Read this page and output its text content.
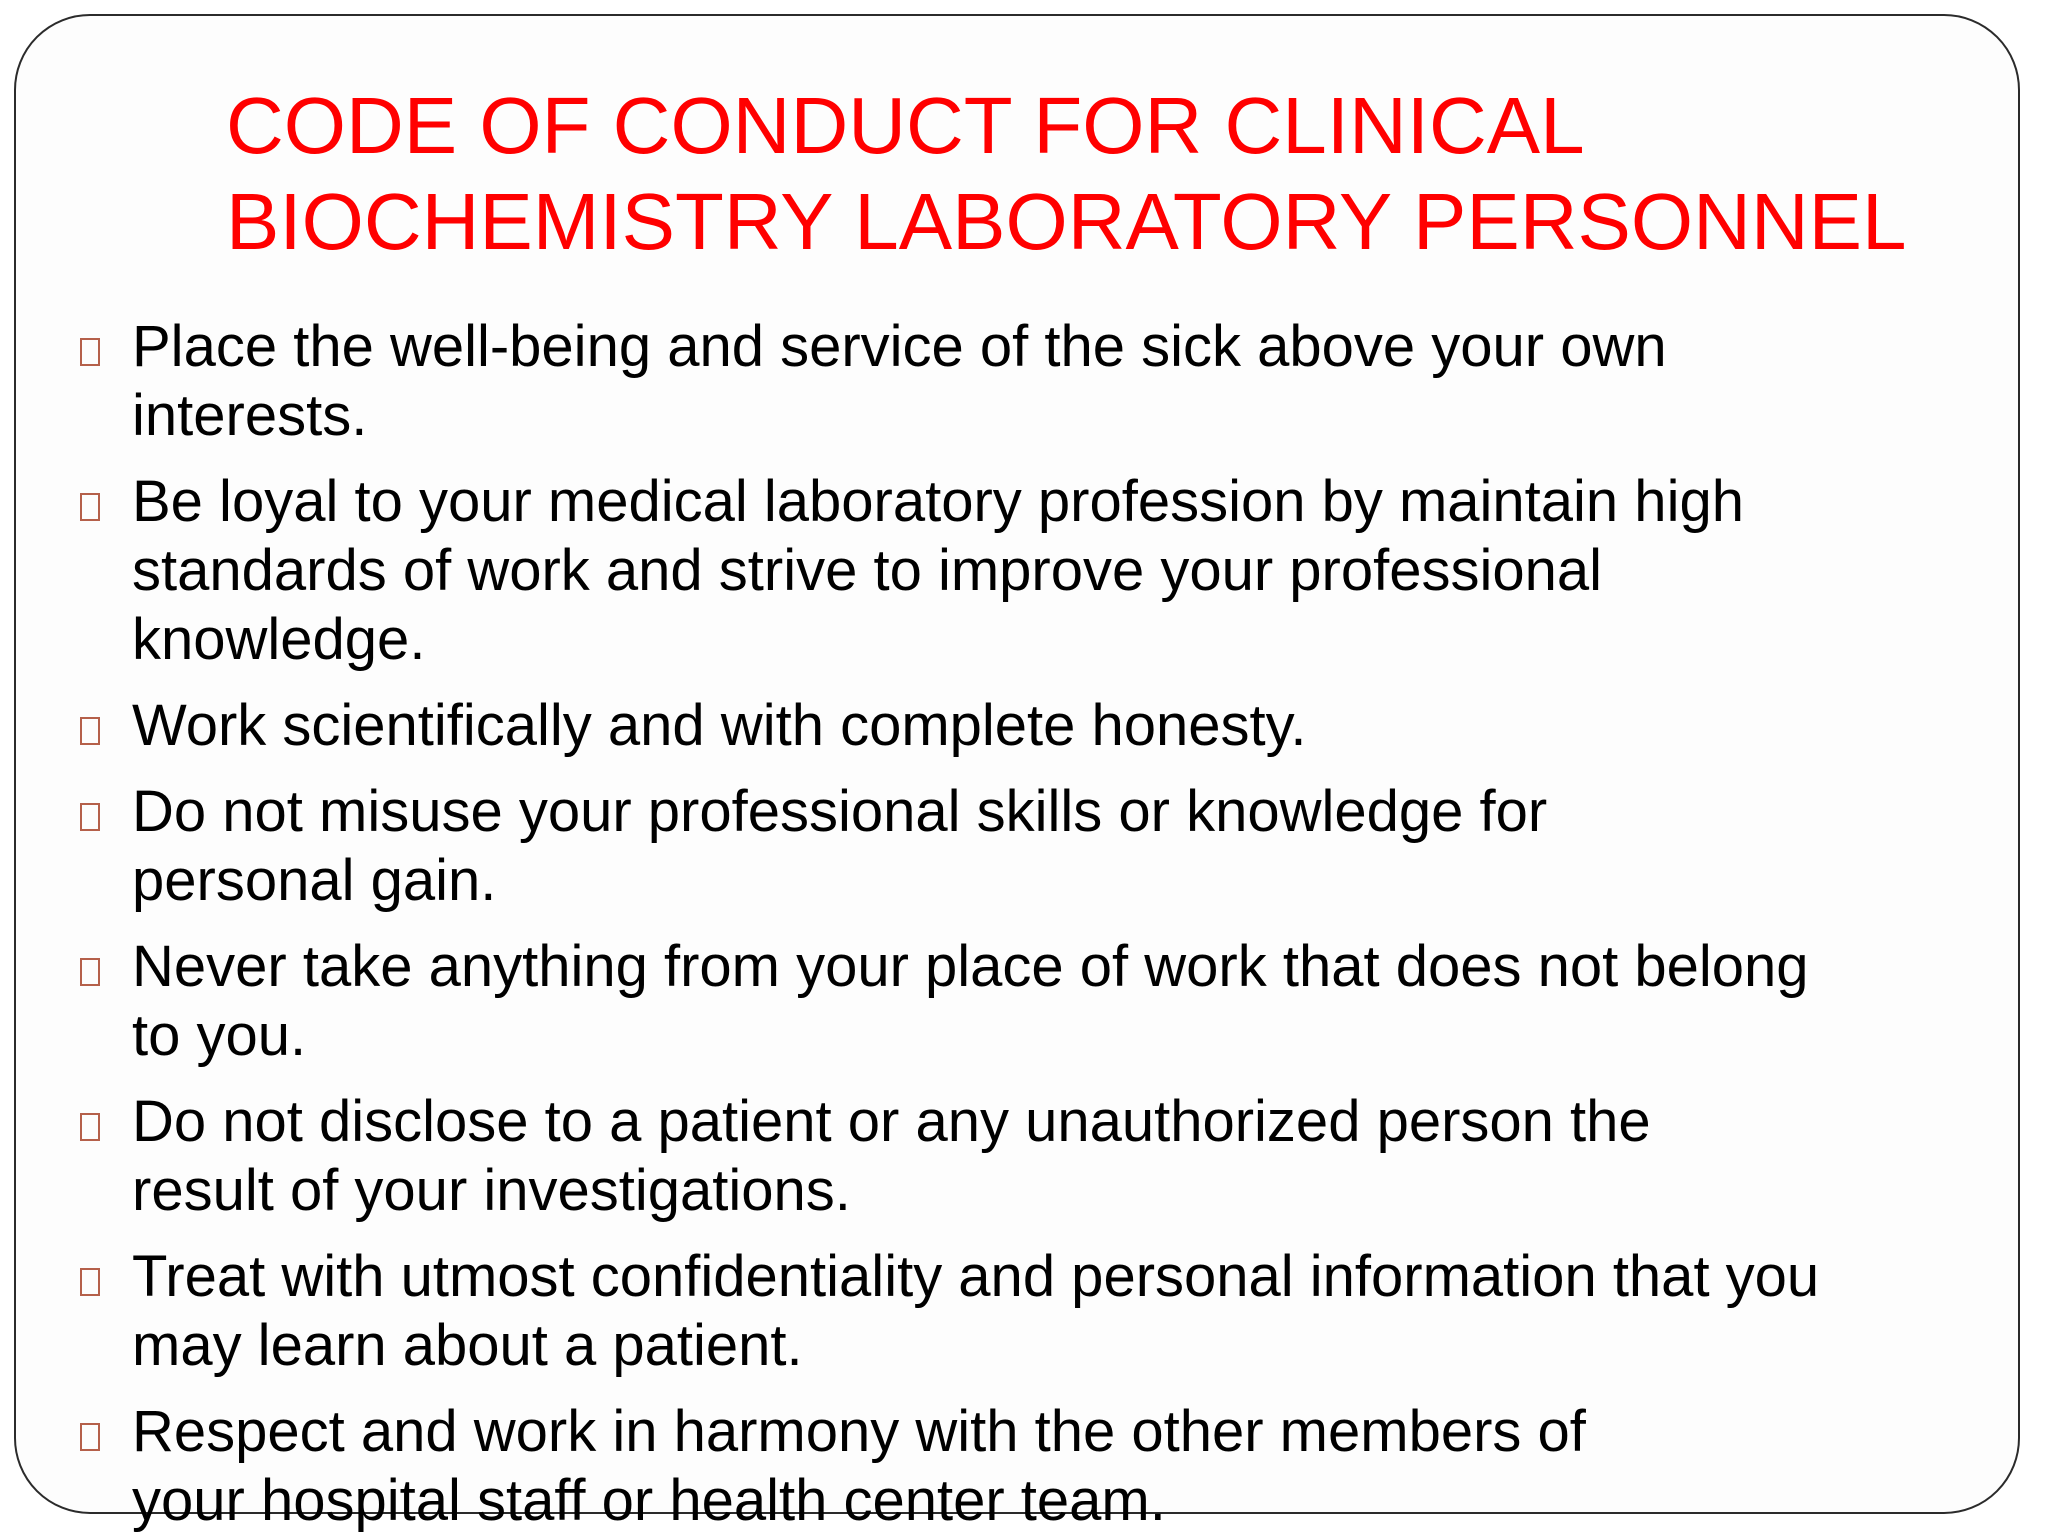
CODE OF CONDUCT FOR CLINICAL
BIOCHEMISTRY LABORATORY PERSONNEL
Place the well-being and service of the sick above your own
interests.
Be loyal to your medical laboratory profession by maintain high
standards of work and strive to improve your professional
knowledge.
Work scientifically and with complete honesty.
Do not misuse your professional skills or knowledge for
personal gain.
Never take anything from your place of work that does not belong
to you.
Do not disclose to a patient or any unauthorized person the
result of your investigations.
Treat with utmost confidentiality and personal information that you
may learn about a patient.
Respect and work in harmony with the other members of
your hospital staff or health center team.
